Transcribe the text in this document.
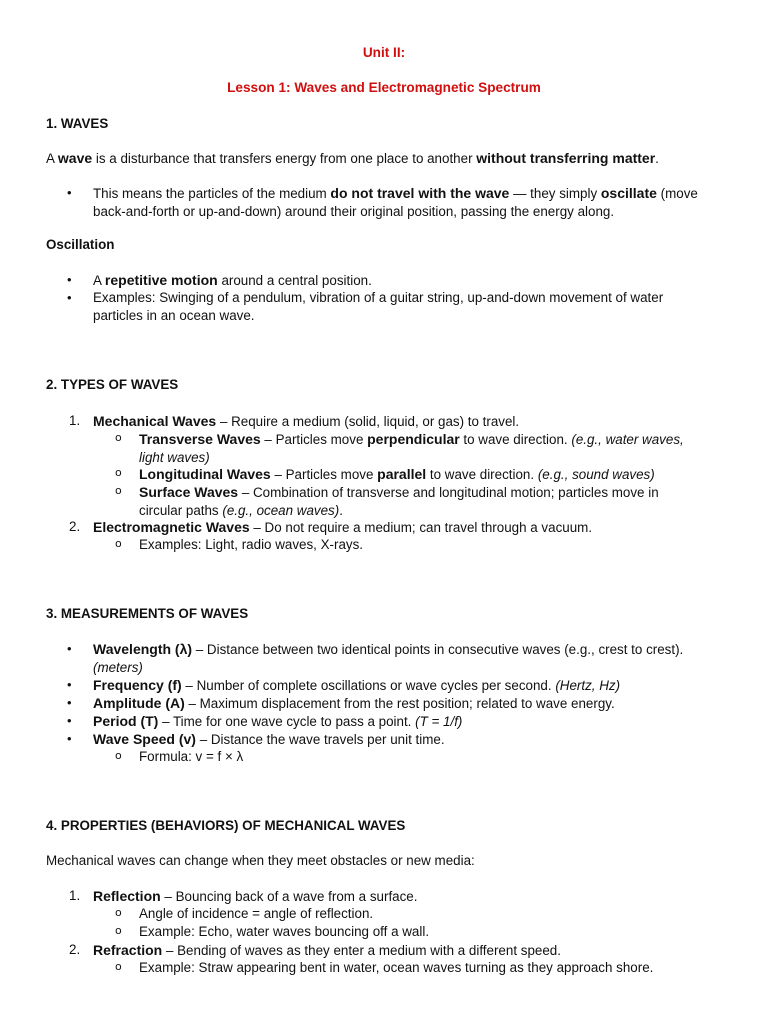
Unit II:
Lesson 1: Waves and Electromagnetic Spectrum
1. WAVES
A wave is a disturbance that transfers energy from one place to another without transferring matter.
• This means the particles of the medium do not travel with the wave — they simply oscillate (move
back-and-forth or up-and-down) around their original position, passing the energy along.
Oscillation
• A repetitive motion around a central position.
• Examples: Swinging of a pendulum, vibration of a guitar string, up-and-down movement of water
particles in an ocean wave.
2. TYPES OF WAVES
1. Mechanical Waves – Require a medium (solid, liquid, or gas) to travel.
o Transverse Waves – Particles move perpendicular to wave direction. (e.g., water waves,
light waves)
o Longitudinal Waves – Particles move parallel to wave direction. (e.g., sound waves)
o Surface Waves – Combination of transverse and longitudinal motion; particles move in
circular paths (e.g., ocean waves).
2. Electromagnetic Waves – Do not require a medium; can travel through a vacuum.
o Examples: Light, radio waves, X-rays.
3. MEASUREMENTS OF WAVES
• Wavelength (λ) – Distance between two identical points in consecutive waves (e.g., crest to crest).
(meters)
• Frequency (f) – Number of complete oscillations or wave cycles per second. (Hertz, Hz)
• Amplitude (A) – Maximum displacement from the rest position; related to wave energy.
• Period (T) – Time for one wave cycle to pass a point. (T = 1/f)
• Wave Speed (v) – Distance the wave travels per unit time.
o Formula: v = f × λ
4. PROPERTIES (BEHAVIORS) OF MECHANICAL WAVES
Mechanical waves can change when they meet obstacles or new media:
1. Reflection – Bouncing back of a wave from a surface.
o Angle of incidence = angle of reflection.
o Example: Echo, water waves bouncing off a wall.
2. Refraction – Bending of waves as they enter a medium with a different speed.
o Example: Straw appearing bent in water, ocean waves turning as they approach shore.
